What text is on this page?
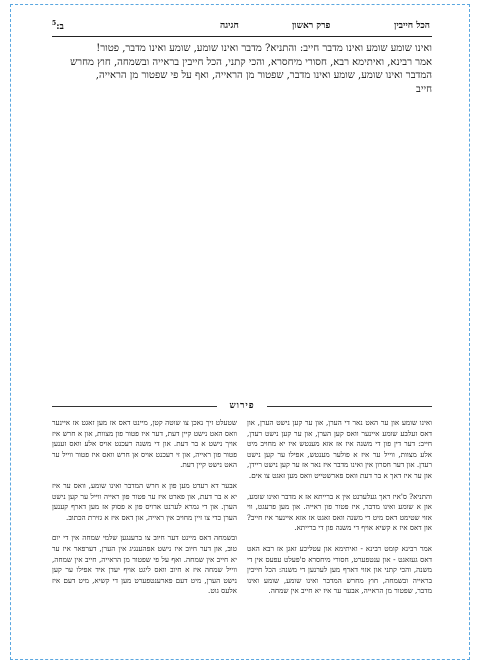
ב:$^5$	חגיגה	פרק ראשון	הכל חייבין

ואינו שומע שומע ואינו מדבר חייב: והתניא? מדבר ואינו שומע, שומע ואינו מדבר, פטור!

אמר רבינא, ואיתימא רבא, חסורי מיחסרא, והכי קתני, הכל חייבין בראייה ובשמחה, חוץ מחרש

המדבר ואינו שומע, שומע ואינו מדבר, שפטור מן הראייה, ואף על פי שפטור מן הראייה,

חייב

פירוש

ואינו שומע און ער האט נאר די הערן, און ער קען נישט הערן, און דאס זעלבע שומע איינער וואס קען הערן, און ער קען נישט רעדן, חייב: דער דין פון די משנה איז אז אזא מענטש איז יא מחויב מיט אלע מצוות, ווייל ער איז א פולער מענטש, אפילו ער קען נישט רעדן. און דער חסרון אין ואינו מדבר איז נאר אז ער קען נישט ריידן, און ער איז דאך א בר דעת וואס פארשטייט וואס מען זאגט צו אים.

והתניא? ס'איז דאך געלערנט אין א ברייתא אז א מדבר ואינו שומע, און א שומע ואינו מדבר, איז פטור פון ראייה. און מען פרעגט, ווי אזוי שטימט דאס מיט די משנה וואס זאגט אז אזא איינער איז חייב? און דאס איז א קשיא אויף די משנה פון די ברייתא.

אמר רבינא קומט רבינא - ואיתימא און עטליכע זאגן אז רבא האט דאס געזאגט - און ענטפערט, חסורי מיחסרא ס'פעלט עפעס אין די משנה, והכי קתני און אזוי דארף מען לערנען די משנה: הכל חייבין בראייה ובשמחה, חוץ מחרש המדבר ואינו שומע, שומע ואינו מדבר, שפטור מן הראייה, אבער ער איז יא חייב אין שמחה.

שטעלט זיך נאכן צו שוטה קטן, מיינט דאס אז מען זאגט אז איינער וואס האט נישט קיין דעת, דער איז פטור פון מצוות, און א חרש איז אויך נישט א בר דעת. און די משנה רעכנט אויס אלע וואס זענען פטור פון ראייה, און זי רעכנט אויס אן חרש וואס איז פטור ווייל ער האט נישט קיין דעת.

אבער דא רעדט מען פון א חרש המדבר ואינו שומע, וואס ער איז יא א בר דעת, און פארט איז ער פטור פון ראייה ווייל ער קען נישט הערן. און די גמרא לערנט ארויס פון א פסוק אז מען דארף קענען הערן כדי צו זיין מחויב אין ראייה, און דאס איז א גזירת הכתוב.

ובשמחה דאס מיינט דער חיוב צו ברענגען שלמי שמחה אין די יום טוב, און דער חיוב איז נישט אפהענגיג אין הערן, דערפאר איז ער יא חייב אין שמחה. ואף על פי שפטור מן הראייה, חייב אין שמחה, ווייל שמחה איז א חיוב וואס ליגט אויף יעדן איד אפילו ער קען נישט הערן, מיט דעם פארענטפערט מען די קשיא, מיט דעם איז אלעס גוט.
